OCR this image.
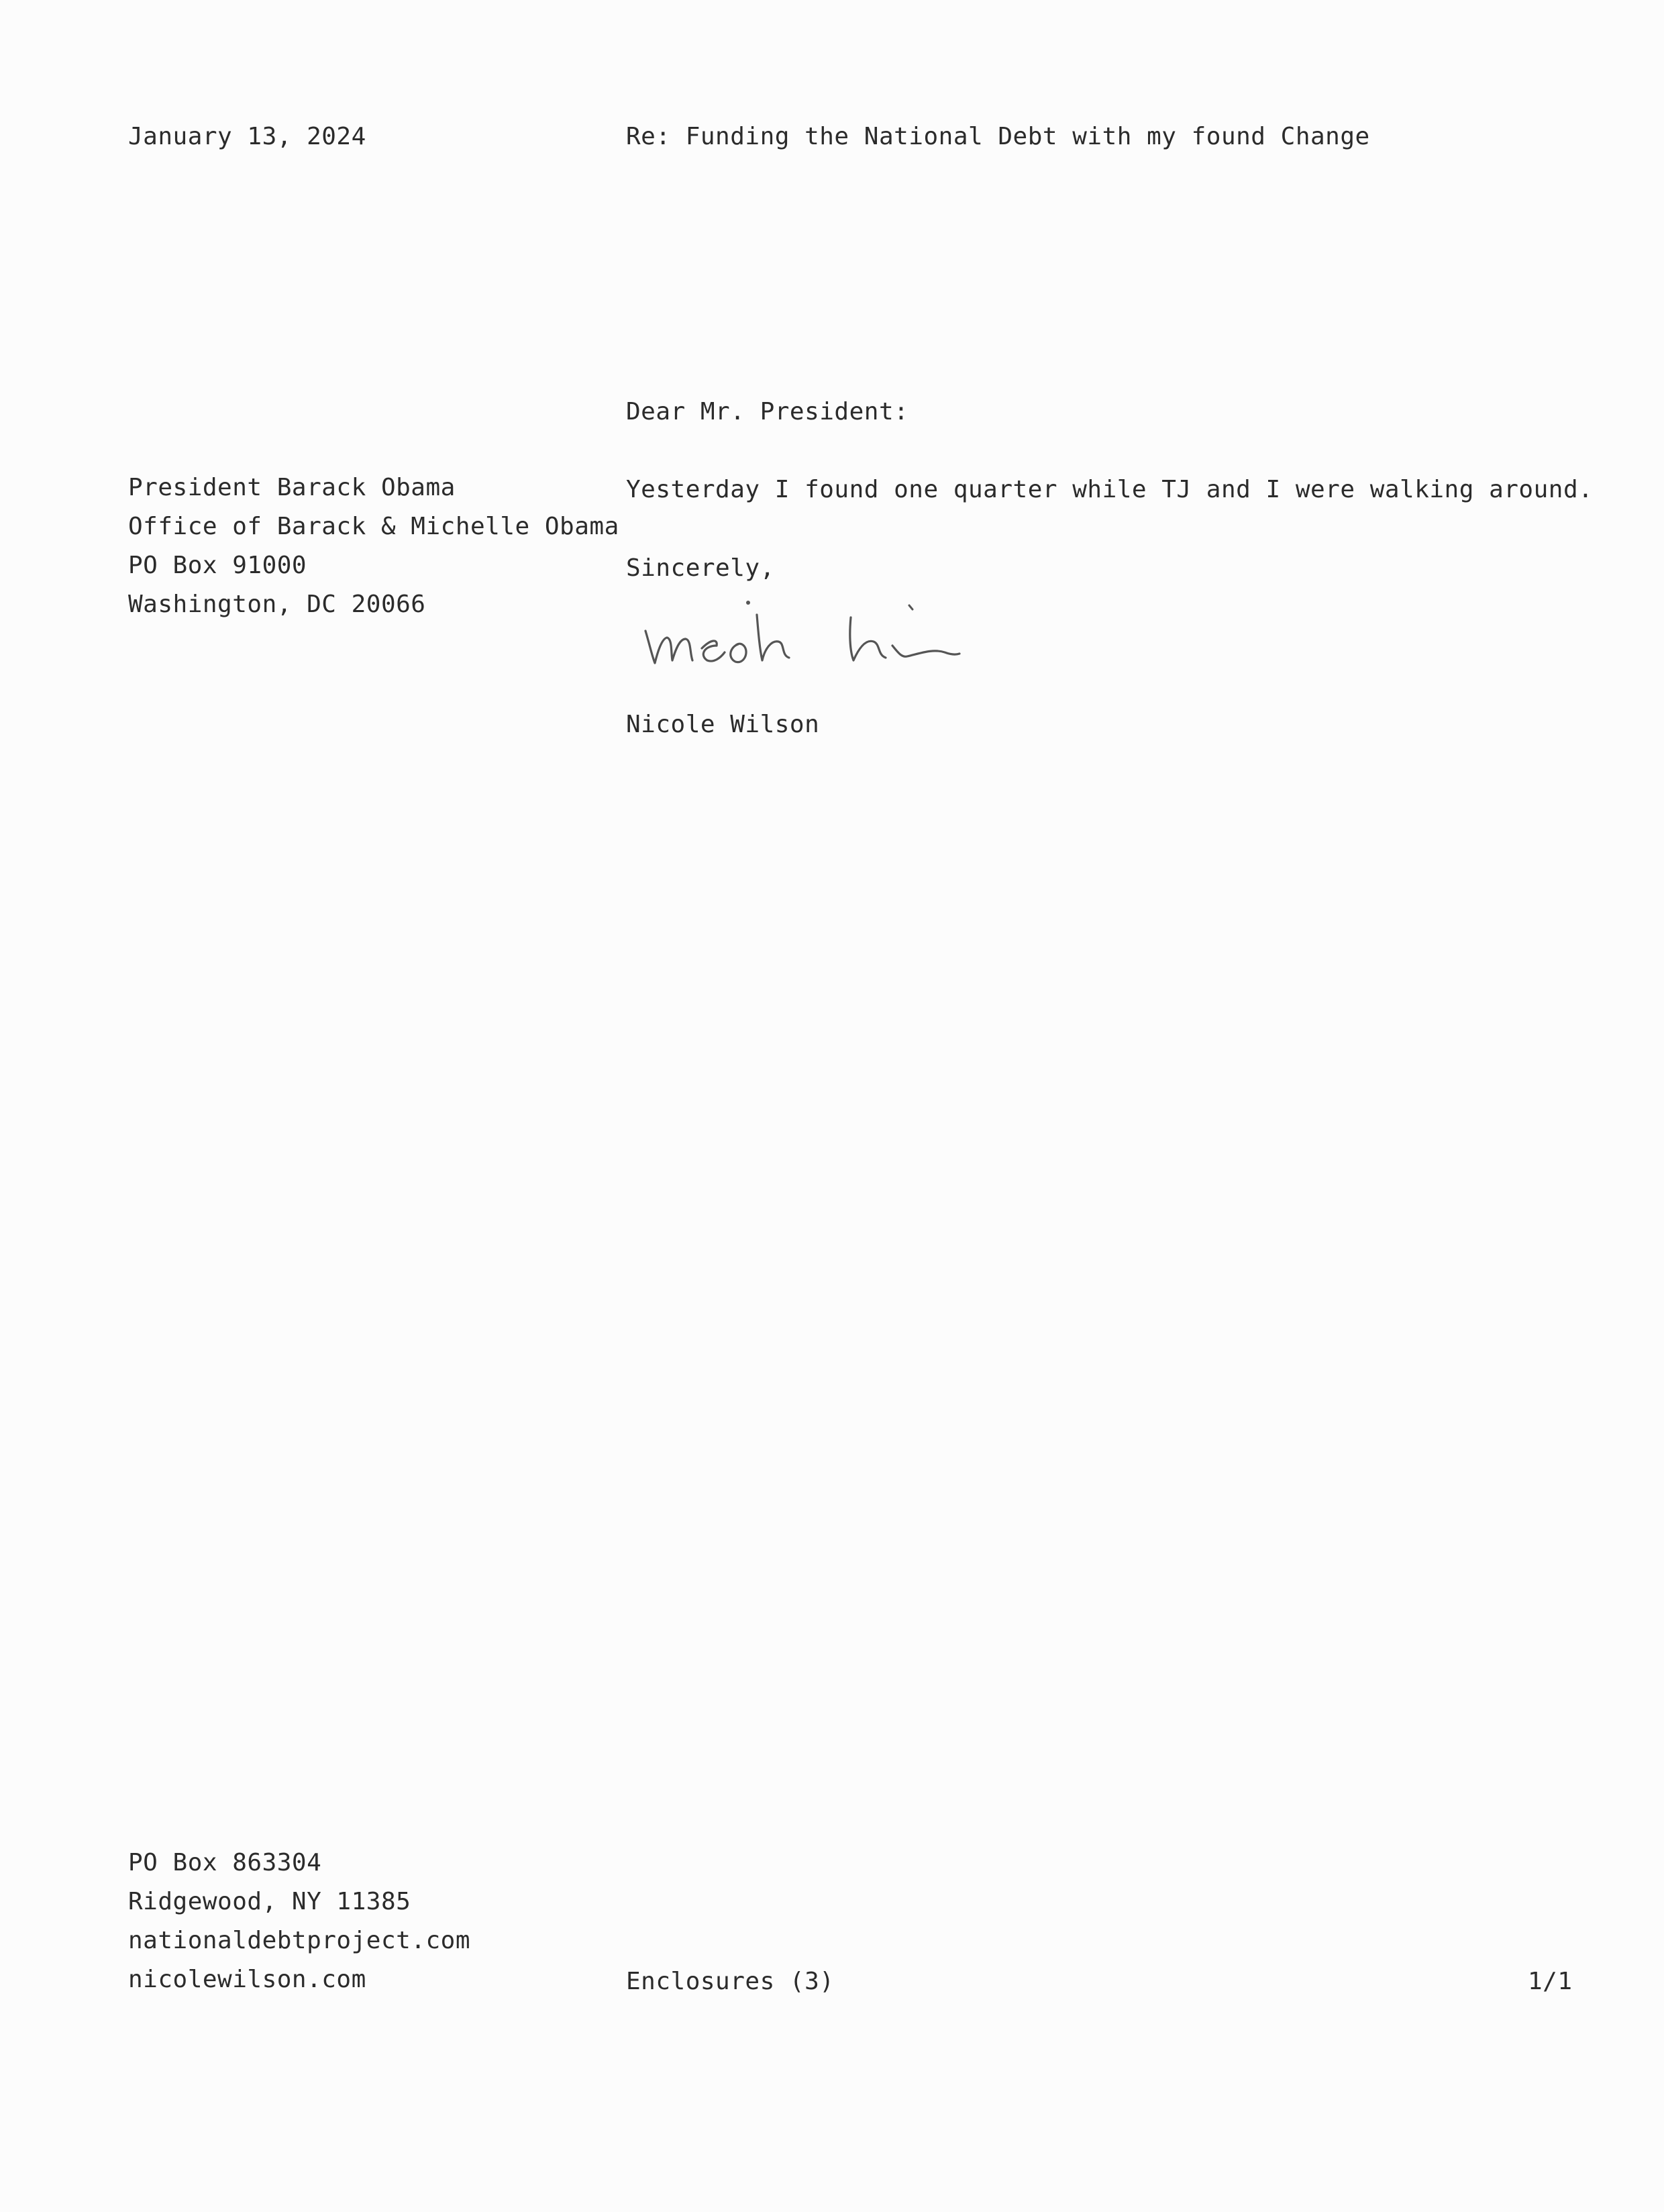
January 13, 2024	Re: Funding the National Debt with my found Change
Dear Mr. President:
President Barack Obama
Office of Barack & Michelle Obama
PO Box 91000
Washington, DC 20066
Yesterday I found one quarter while TJ and I were walking around.
Sincerely,
Nicole Wilson
PO Box 863304
Ridgewood, NY 11385
nationaldebtproject.com
nicolewilson.com	Enclosures (3)	1/1
